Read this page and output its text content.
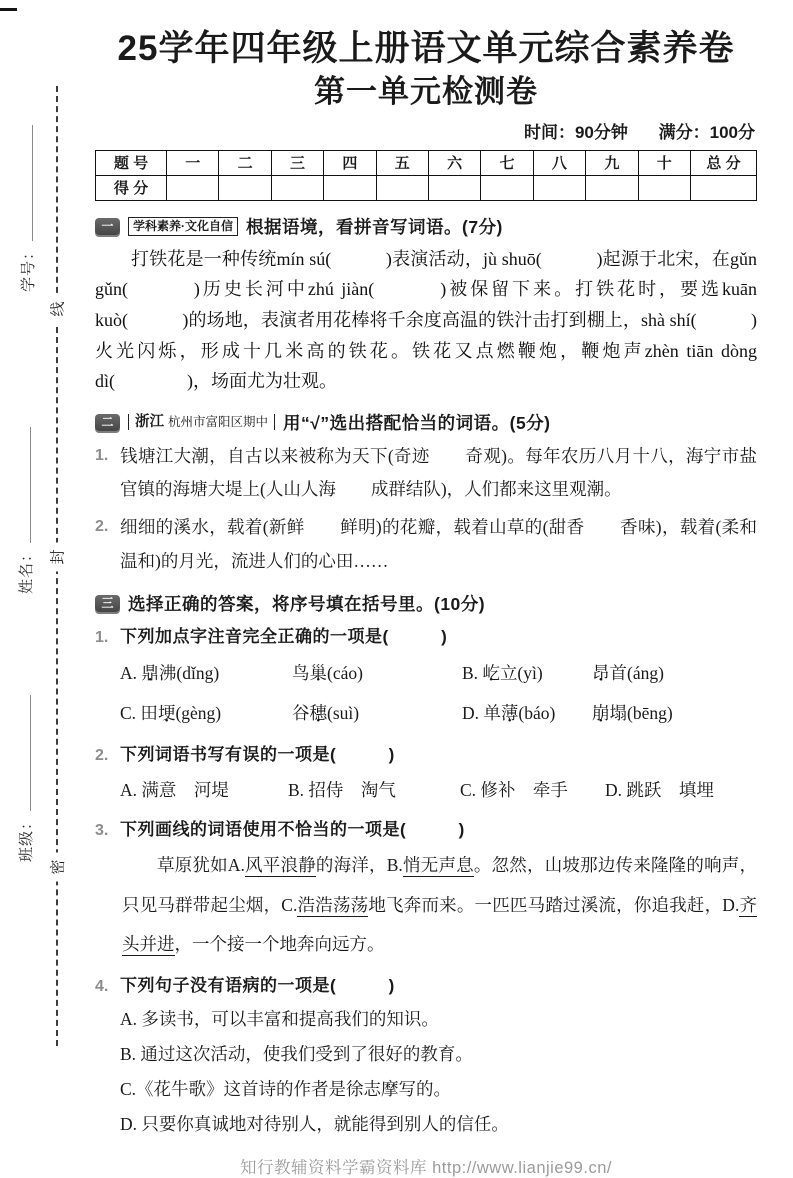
学号：
姓名：
班级：
线
封
密
25学年四年级上册语文单元综合素养卷
第一单元检测卷
时间：90分钟 满分：100分
题 号	一	二	三	四	五	六	七	八	九	十	总 分
得 分											
一	学科素养·文化自信 根据语境，看拼音写词语。(7分)

打铁花是一种传统mín sú(　　　)表演活动，jù shuō(　　　)起源于北宋，在gǔn gǔn(　　　)历史长河中zhú jiàn(　　　)被保留下来。打铁花时，要选kuān kuò(　　　)的场地，表演者用花棒将千余度高温的铁汁击打到棚上，shà shí(　　　)火光闪烁，形成十几米高的铁花。铁花又点燃鞭炮，鞭炮声zhèn tiān dòng dì(　　　　)，场面尤为壮观。

二	浙江 杭州市富阳区期中 用“√”选出搭配恰当的词语。(5分)
1. 钱塘江大潮，自古以来被称为天下(奇迹　　奇观)。每年农历八月十八，海宁市盐官镇的海塘大堤上(人山人海　　成群结队)，人们都来这里观潮。
2. 细细的溪水，载着(新鲜　　鲜明)的花瓣，载着山草的(甜香　　香味)，载着(柔和　　温和)的月光，流进人们的心田……
三 选择正确的答案，将序号填在括号里。(10分)
1. 下列加点字注音完全正确的一项是(　　　)
A. 鼎沸(dǐng)	鸟巢(cáo)	B. 屹立(yì)	昂首(áng)
C. 田埂(gèng)	谷穗(suì)	D. 单薄(báo)	崩塌(bēng)
2. 下列词语书写有误的一项是(　　　)
A. 满意　河堤	B. 招侍　淘气	C. 修补　牵手	D. 跳跃　填埋
3. 下列画线的词语使用不恰当的一项是(　　　)

草原犹如A.风平浪静的海洋，B.悄无声息。忽然，山坡那边传来隆隆的响声，只见马群带起尘烟，C.浩浩荡荡地飞奔而来。一匹匹马踏过溪流，你追我赶，D.齐头并进，一个接一个地奔向远方。

4. 下列句子没有语病的一项是(　　　)
A. 多读书，可以丰富和提高我们的知识。
B. 通过这次活动，使我们受到了很好的教育。
C.《花牛歌》这首诗的作者是徐志摩写的。
D. 只要你真诚地对待别人，就能得到别人的信任。
知行教辅资料学霸资料库 http://www.lianjie99.cn/
